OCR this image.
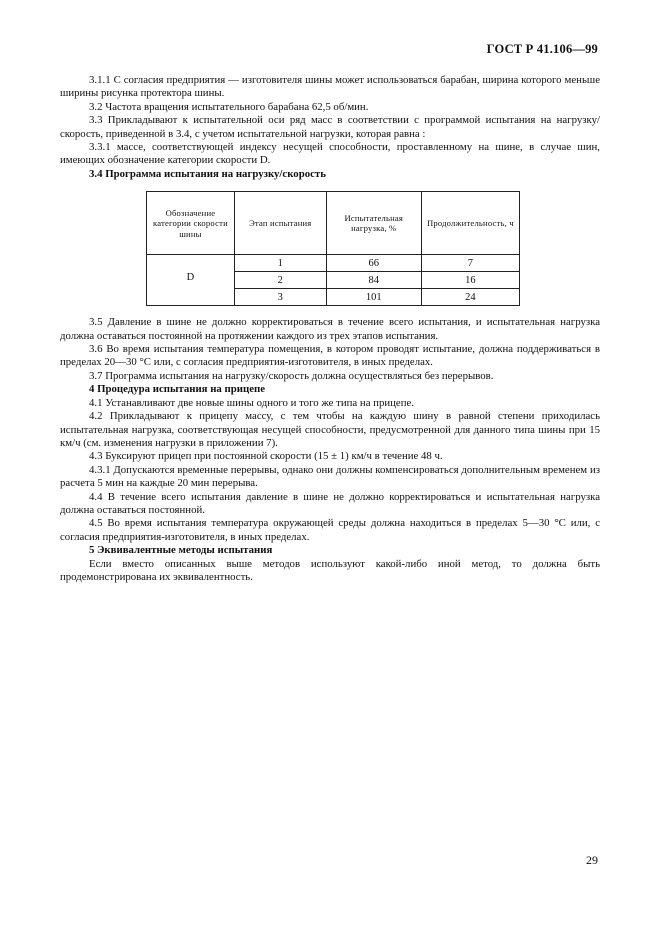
ГОСТ Р 41.106—99

3.1.1 С согласия предприятия — изготовителя шины может использоваться барабан, ширина которого меньше ширины рисунка протектора шины.

3.2 Частота вращения испытательного барабана 62,5 об/мин.

3.3 Прикладывают к испытательной оси ряд масс в соответствии с программой испытания на нагрузку/скорость, приведенной в 3.4, с учетом испытательной нагрузки, которая равна :

3.3.1 массе, соответствующей индексу несущей способности, проставленному на шине, в случае шин, имеющих обозначение категории скорости D.

3.4 Программа испытания на нагрузку/скорость

Обозначение категории скорости шины	Этап испытания	Испытательная нагрузка, %	Продолжительность, ч
D	1	66	7
	2	84	16
	3	101	24

3.5 Давление в шине не должно корректироваться в течение всего испытания, и испытательная нагрузка должна оставаться постоянной на протяжении каждого из трех этапов испытания.

3.6 Во время испытания температура помещения, в котором проводят испытание, должна поддерживаться в пределах 20—30 °С или, с согласия предприятия-изготовителя, в иных пределах.

3.7 Программа испытания на нагрузку/скорость должна осуществляться без перерывов.

4 Процедура испытания на прицепе

4.1 Устанавливают две новые шины одного и того же типа на прицепе.

4.2 Прикладывают к прицепу массу, с тем чтобы на каждую шину в равной степени приходилась испытательная нагрузка, соответствующая несущей способности, предусмотренной для данного типа шины при 15 км/ч (см. изменения нагрузки в приложении 7).

4.3 Буксируют прицеп при постоянной скорости (15 ± 1) км/ч в течение 48 ч.

4.3.1 Допускаются временные перерывы, однако они должны компенсироваться дополнительным временем из расчета 5 мин на каждые 20 мин перерыва.

4.4 В течение всего испытания давление в шине не должно корректироваться и испытательная нагрузка должна оставаться постоянной.

4.5 Во время испытания температура окружающей среды должна находиться в пределах 5—30 °С или, с согласия предприятия-изготовителя, в иных пределах.

5 Эквивалентные методы испытания

Если вместо описанных выше методов используют какой-либо иной метод, то должна быть продемонстрирована их эквивалентность.

29
